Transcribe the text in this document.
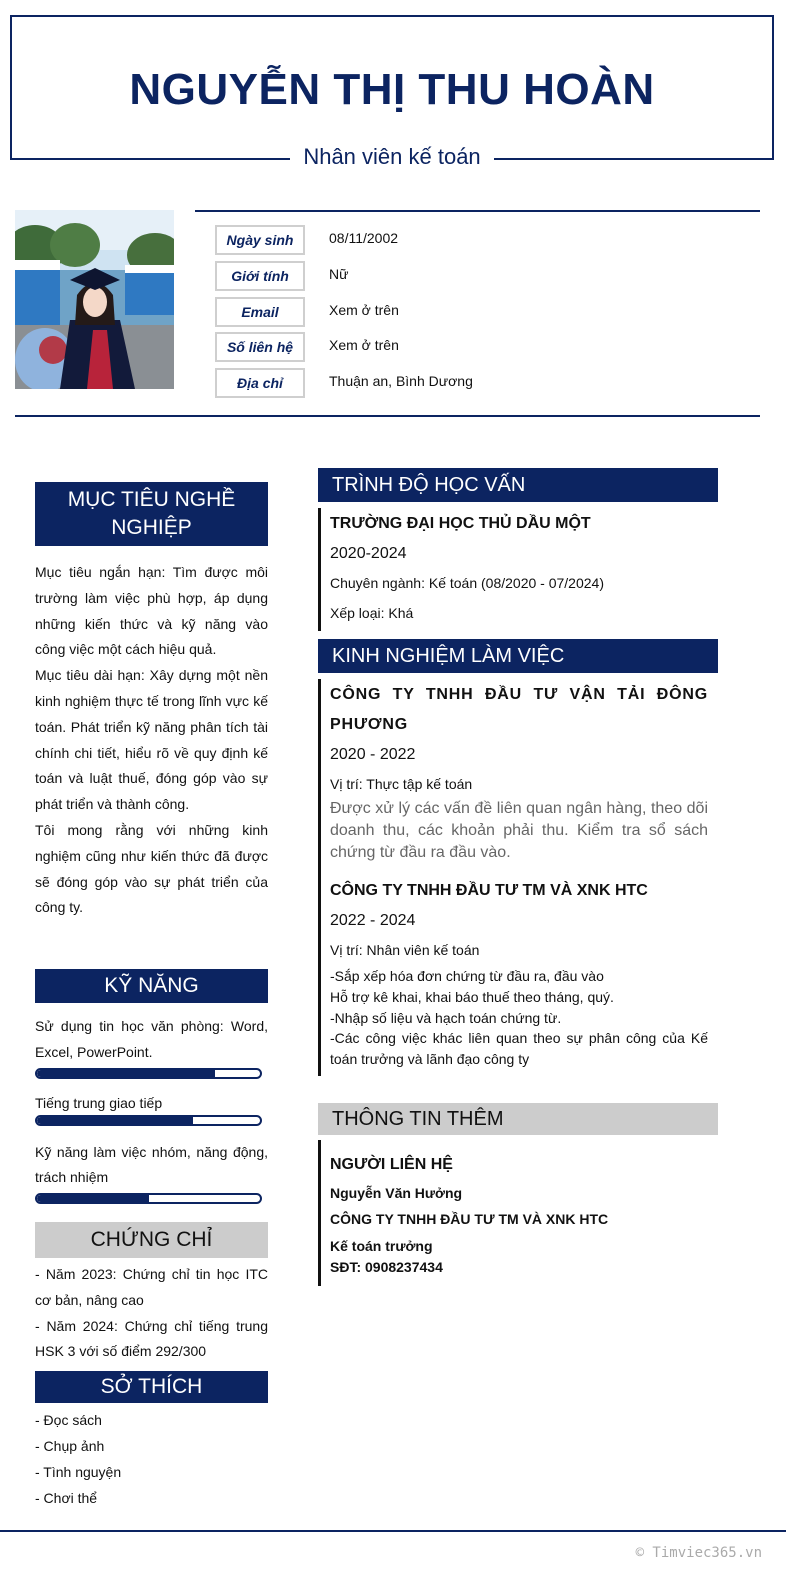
NGUYỄN THỊ THU HOÀN
Nhân viên kế toán
Ngày sinh	08/11/2002
Giới tính	Nữ
Email	Xem ở trên
Số liên hệ	Xem ở trên
Địa chỉ	Thuận an, Bình Dương
MỤC TIÊU NGHỀ NGHIỆP

Mục tiêu ngắn hạn: Tìm được môi trường làm việc phù hợp, áp dụng những kiến thức và kỹ năng vào công việc một cách hiệu quả.

Mục tiêu dài hạn: Xây dựng một nền kinh nghiệm thực tế trong lĩnh vực kế toán. Phát triển kỹ năng phân tích tài chính chi tiết, hiểu rõ về quy định kế toán và luật thuế, đóng góp vào sự phát triển và thành công.

Tôi mong rằng với những kinh nghiệm cũng như kiến thức đã được sẽ đóng góp vào sự phát triển của công ty.

KỸ NĂNG
Sử dụng tin học văn phòng: Word, Excel, PowerPoint.
Tiếng trung giao tiếp
Kỹ năng làm việc nhóm, năng động, trách nhiệm
CHỨNG CHỈ

- Năm 2023: Chứng chỉ tin học ITC cơ bản, nâng cao

- Năm 2024: Chứng chỉ tiếng trung HSK 3 với số điểm 292/300

SỞ THÍCH
- Đọc sách
- Chụp ảnh
- Tình nguyện
- Chơi thể
TRÌNH ĐỘ HỌC VẤN
TRƯỜNG ĐẠI HỌC THỦ DẦU MỘT
2020-2024
Chuyên ngành: Kế toán (08/2020 - 07/2024)
Xếp loại: Khá
KINH NGHIỆM LÀM VIỆC
CÔNG TY TNHH ĐẦU TƯ VẬN TẢI ĐÔNG PHƯƠNG
2020 - 2022
Vị trí: Thực tập kế toán
Được xử lý các vấn đề liên quan ngân hàng, theo dõi doanh thu, các khoản phải thu. Kiểm tra sổ sách chứng từ đầu ra đầu vào.
CÔNG TY TNHH ĐẦU TƯ TM VÀ XNK HTC
2022 - 2024
Vị trí: Nhân viên kế toán
-Sắp xếp hóa đơn chứng từ đầu ra, đầu vào
Hỗ trợ kê khai, khai báo thuế theo tháng, quý.
-Nhập số liệu và hạch toán chứng từ.
-Các công việc khác liên quan theo sự phân công của Kế toán trưởng và lãnh đạo công ty
THÔNG TIN THÊM
NGƯỜI LIÊN HỆ
Nguyễn Văn Hưởng
CÔNG TY TNHH ĐẦU TƯ TM VÀ XNK HTC
Kế toán trưởng
SĐT: 0908237434
© Timviec365.vn
